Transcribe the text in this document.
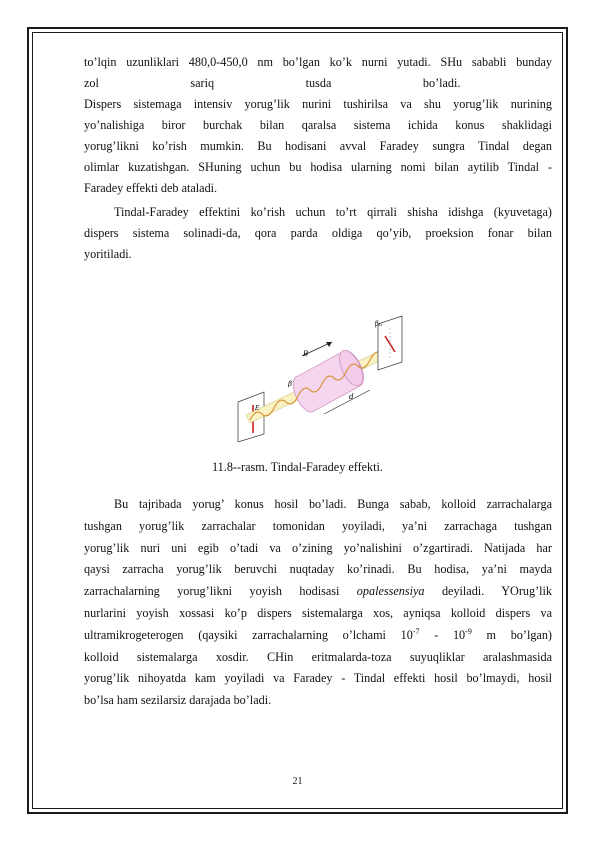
to’lqin uzunliklari 480,0-450,0 nm bo’lgan ko’k nurni yutadi. SHu sababli bunday
zol	sariq	tusda	bo’ladi.
Dispers sistemaga intensiv yorug’lik nurini tushirilsa va shu yorug’lik nurining
yo’nalishiga biror burchak bilan qaralsa sistema ichida konus shaklidagi
yorug’likni ko’rish mumkin. Bu hodisani avval Faradey sungra Tindal degan
olimlar kuzatishgan. SHuning uchun bu hodisa ularning nomi bilan aytilib Tindal -
Faradey effekti deb ataladi.
Tindal-Faradey effektini ko’rish uchun to’rt qirrali shisha idishga (kyuvetaga)
dispers sistema solinadi-da, qora parda oldiga qo’yib, proeksion fonar bilan
yoritiladi.
β₀
B
β
d
E
11.8--rasm. Tindal-Faradey effekti.
Bu tajribada yorug’ konus hosil bo’ladi. Bunga sabab, kolloid zarrachalarga
tushgan yorug’lik zarrachalar tomonidan yoyiladi, ya’ni zarrachaga tushgan
yorug’lik nuri uni egib o’tadi va o’zining yo’nalishini o’zgartiradi. Natijada har
qaysi zarracha yorug’lik beruvchi nuqtaday ko’rinadi. Bu hodisa, ya’ni mayda
zarrachalarning yorug’likni yoyish hodisasi opalessensiya deyiladi. YOrug’lik
nurlarini yoyish xossasi ko’p dispers sistemalarga xos, ayniqsa kolloid dispers va
ultramikrogeterogen (qaysiki zarrachalarning o’lchami $10^{-7} - 10^{-9}$ m bo’lgan)
kolloid sistemalarga xosdir. CHin eritmalarda-toza suyuqliklar aralashmasida
yorug’lik nihoyatda kam yoyiladi va Faradey - Tindal effekti hosil bo’lmaydi, hosil
bo’lsa ham sezilarsiz darajada bo’ladi.
21
